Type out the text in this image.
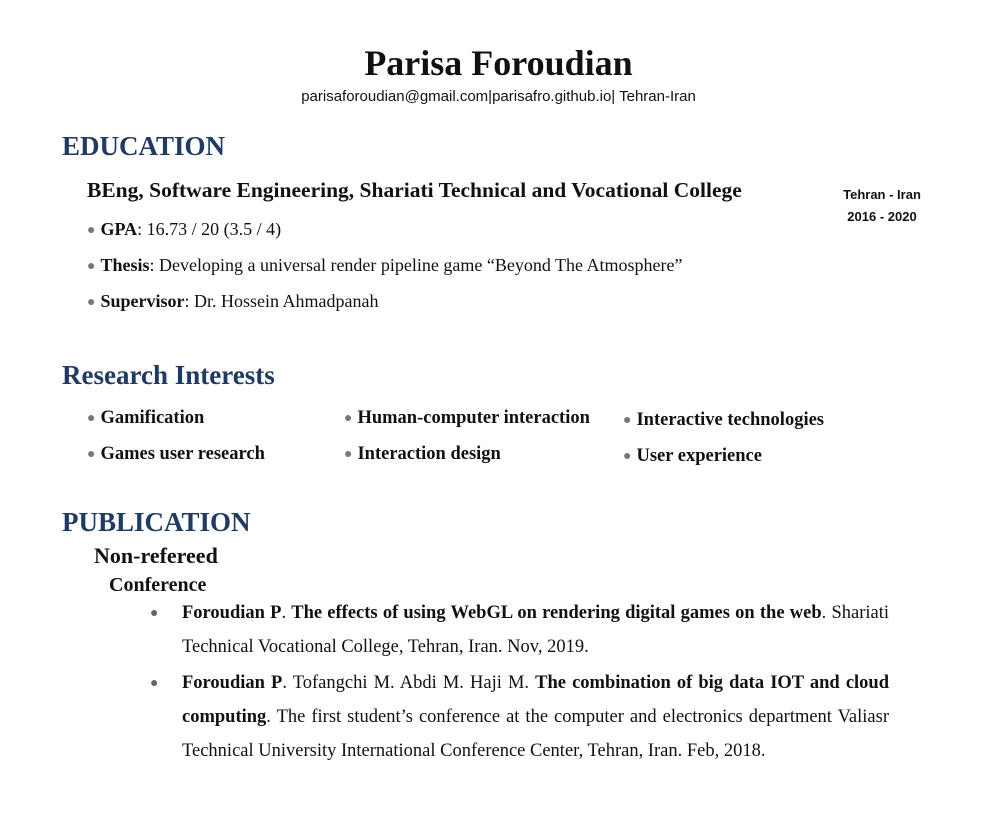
Parisa Foroudian
parisaforoudian@gmail.com|parisafro.github.io| Tehran-Iran
EDUCATION
BEng, Software Engineering, Shariati Technical and Vocational College	Tehran - Iran
2016 - 2020
● GPA: 16.73 / 20 (3.5 / 4)
● Thesis: Developing a universal render pipeline game “Beyond The Atmosphere”
● Supervisor: Dr. Hossein Ahmadpanah
Research Interests
● Gamification	● Human-computer interaction ● Interactive technologies
● Games user research	● Interaction design	● User experience
PUBLICATION
Non-refereed
Conference
● Foroudian P. The effects of using WebGL on rendering digital games on the web. Shariati Technical Vocational College, Tehran, Iran. Nov, 2019.
● Foroudian P. Tofangchi M. Abdi M. Haji M. The combination of big data IOT and cloud computing. The first student’s conference at the computer and electronics department Valiasr Technical University International Conference Center, Tehran, Iran. Feb, 2018.
